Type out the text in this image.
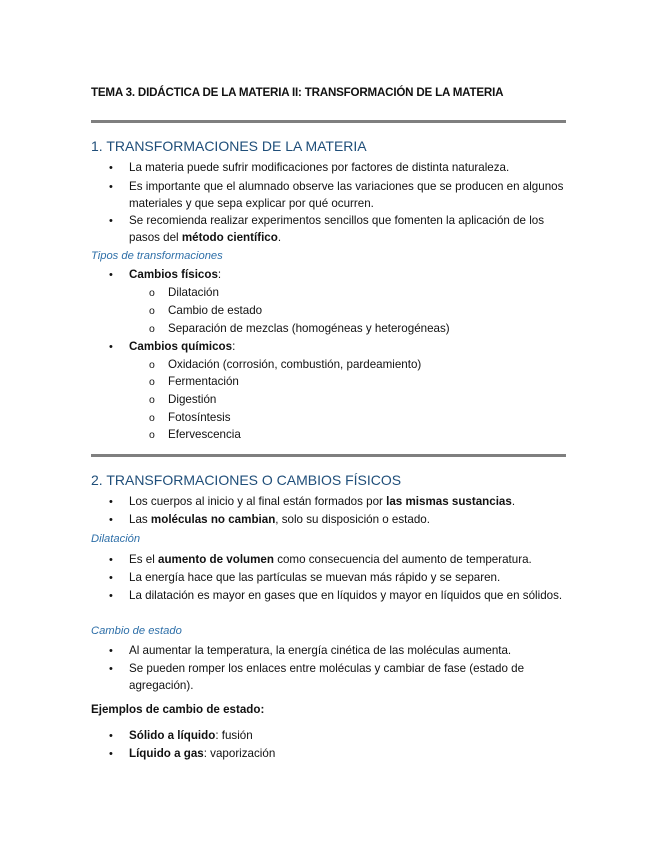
TEMA 3. DIDÁCTICA DE LA MATERIA II: TRANSFORMACIÓN DE LA MATERIA
1. TRANSFORMACIONES DE LA MATERIA
• La materia puede sufrir modificaciones por factores de distinta naturaleza.
• Es importante que el alumnado observe las variaciones que se producen en algunos materiales y que sepa explicar por qué ocurren.
• Se recomienda realizar experimentos sencillos que fomenten la aplicación de los pasos del método científico.
Tipos de transformaciones
• Cambios físicos:
o Dilatación
o Cambio de estado
o Separación de mezclas (homogéneas y heterogéneas)
• Cambios químicos:
o Oxidación (corrosión, combustión, pardeamiento)
o Fermentación
o Digestión
o Fotosíntesis
o Efervescencia
2. TRANSFORMACIONES O CAMBIOS FÍSICOS
• Los cuerpos al inicio y al final están formados por las mismas sustancias.
• Las moléculas no cambian, solo su disposición o estado.
Dilatación
• Es el aumento de volumen como consecuencia del aumento de temperatura.
• La energía hace que las partículas se muevan más rápido y se separen.
• La dilatación es mayor en gases que en líquidos y mayor en líquidos que en sólidos.
Cambio de estado
• Al aumentar la temperatura, la energía cinética de las moléculas aumenta.
• Se pueden romper los enlaces entre moléculas y cambiar de fase (estado de agregación).
Ejemplos de cambio de estado:
• Sólido a líquido: fusión
• Líquido a gas: vaporización
